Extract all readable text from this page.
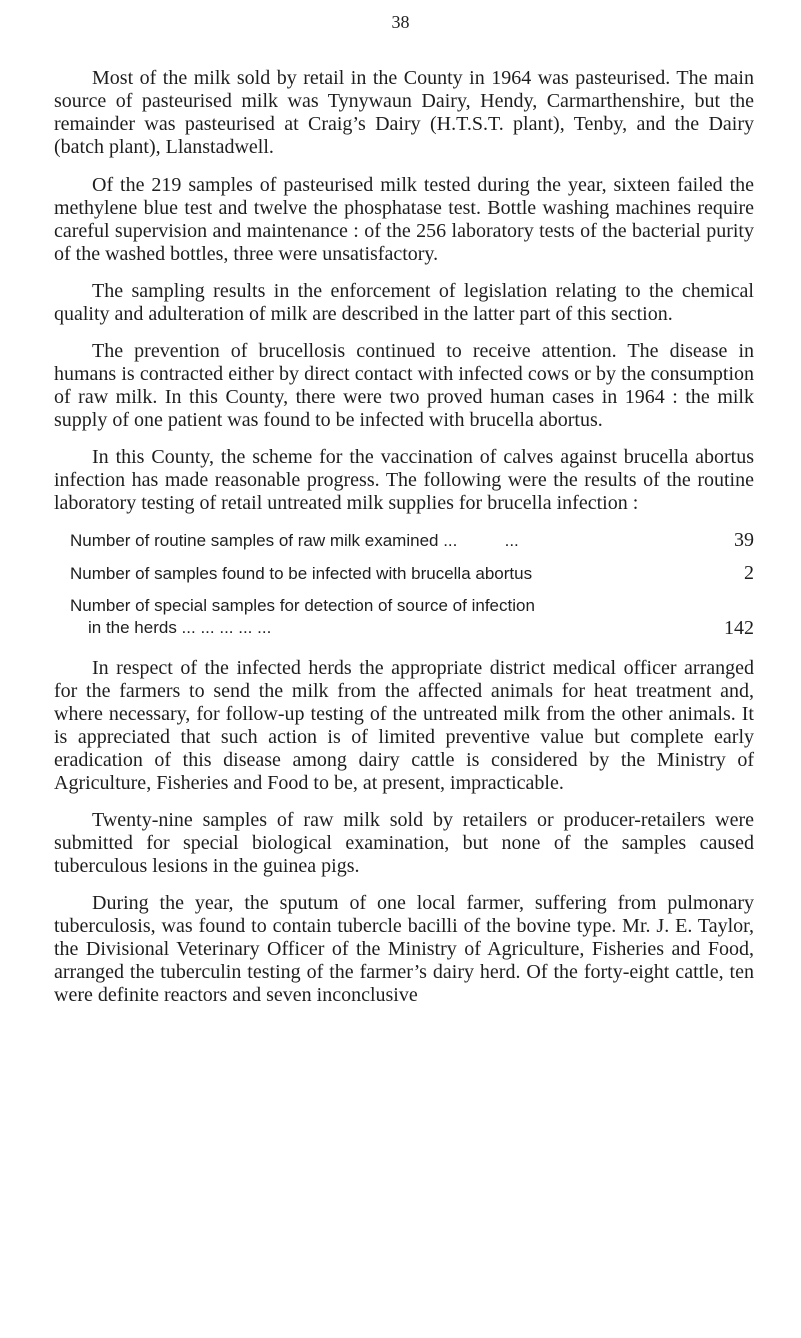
38

Most of the milk sold by retail in the County in 1964 was pasteurised. The main source of pasteurised milk was Tynywaun Dairy, Hendy, Carmarthenshire, but the remainder was pasteurised at Craig’s Dairy (H.T.S.T. plant), Tenby, and the Dairy (batch plant), Llanstadwell.

Of the 219 samples of pasteurised milk tested during the year, sixteen failed the methylene blue test and twelve the phosphatase test. Bottle washing machines require careful supervision and maintenance : of the 256 laboratory tests of the bacterial purity of the washed bottles, three were unsatisfactory.

The sampling results in the enforcement of legislation relating to the chemical quality and adulteration of milk are described in the latter part of this section.

The prevention of brucellosis continued to receive attention. The disease in humans is contracted either by direct contact with infected cows or by the consumption of raw milk. In this County, there were two proved human cases in 1964 : the milk supply of one patient was found to be infected with brucella abortus.

In this County, the scheme for the vaccination of calves against brucella abortus infection has made reasonable progress. The following were the results of the routine laboratory testing of retail untreated milk supplies for brucella infection :

Number of routine samples of raw milk examined ...          ...	39
Number of samples found to be infected with brucella abortus	2
Number of special samples for detection of source of infection
in the herds ... ... ... ... ...	142

In respect of the infected herds the appropriate district medical officer arranged for the farmers to send the milk from the affected animals for heat treatment and, where necessary, for follow-up testing of the untreated milk from the other animals. It is appreciated that such action is of limited preventive value but complete early eradication of this disease among dairy cattle is considered by the Ministry of Agriculture, Fisheries and Food to be, at present, impracticable.

Twenty-nine samples of raw milk sold by retailers or producer-retailers were submitted for special biological examination, but none of the samples caused tuberculous lesions in the guinea pigs.

During the year, the sputum of one local farmer, suffering from pulmonary tuberculosis, was found to contain tubercle bacilli of the bovine type. Mr. J. E. Taylor, the Divisional Veterinary Officer of the Ministry of Agriculture, Fisheries and Food, arranged the tuberculin testing of the farmer’s dairy herd. Of the forty-eight cattle, ten were definite reactors and seven inconclusive
